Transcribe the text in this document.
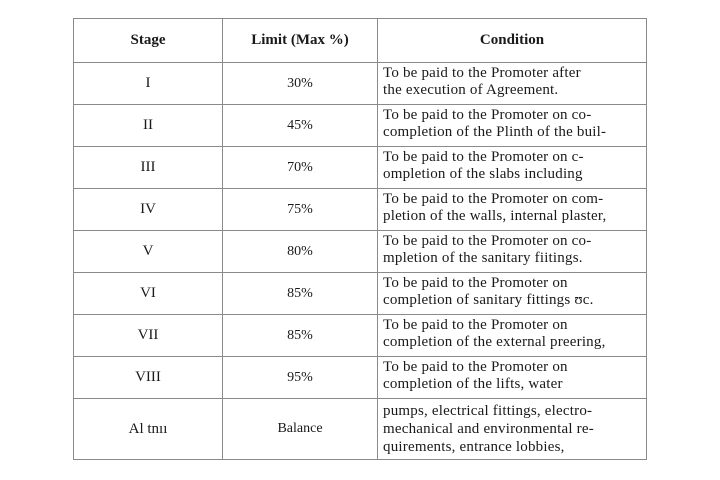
Stage	Limit (Max %)	Condition
I	30%	To be paid to the Promoter after
the execution of Agreement.

II	45%	To be paid to the Promoter on co-
completion of the Plinth of the buil-

III	70%	To be paid to the Promoter on c-
ompletion of the slabs including

IV	75%	To be paid to the Promoter on com-
pletion of the walls, internal plaster,

V	80%	To be paid to the Promoter on co-
mpletion of the sanitary fiitings.

VI	85%	To be paid to the Promoter on
completion of sanitary fittings ʊc.

VII	85%	To be paid to the Promoter on
completion of the external preering,

VIII	95%	To be paid to the Promoter on
completion of the lifts, water

Al tnıı	Balance	pumps, electrical fittings, electro-
mechanical and environmental re-
quirements, entrance lobbies,
